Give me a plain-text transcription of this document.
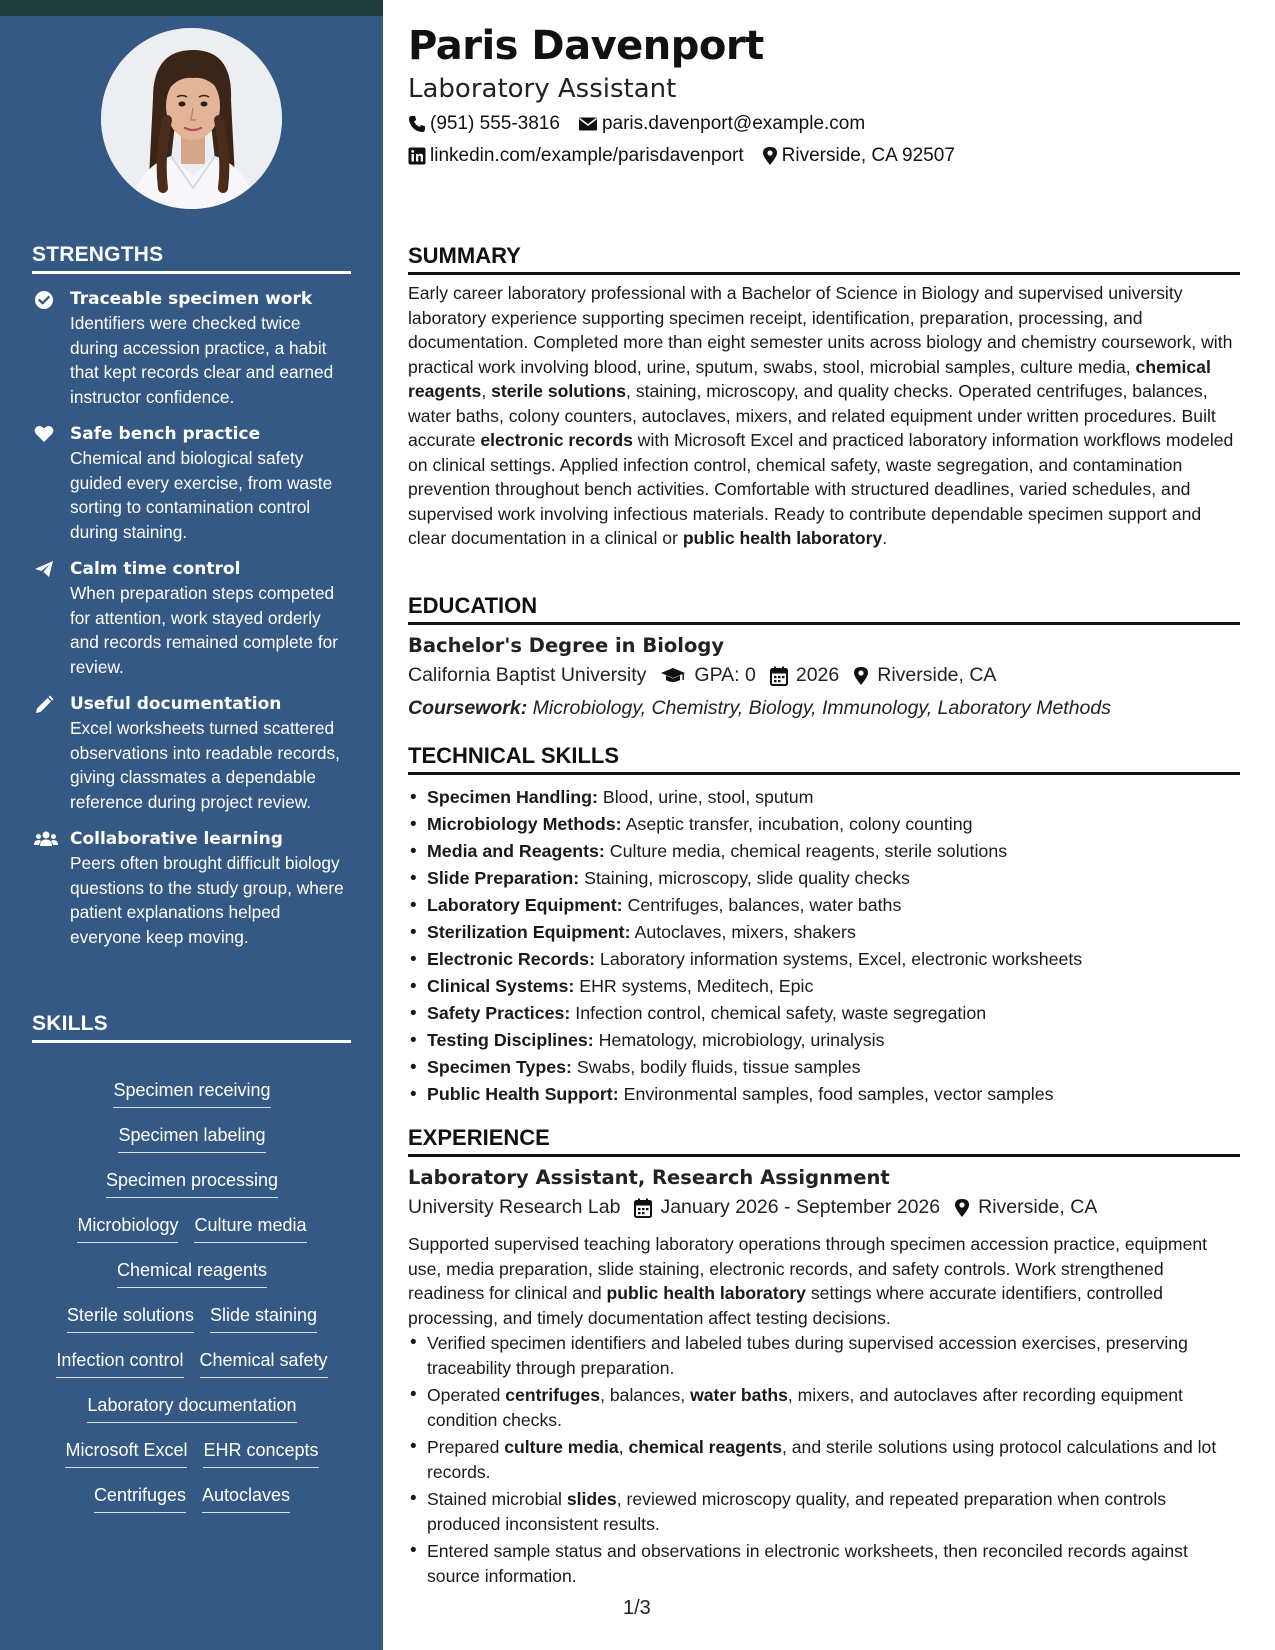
STRENGTHS
Traceable specimen work
Identifiers were checked twice during accession practice, a habit that kept records clear and earned instructor confidence.
Safe bench practice
Chemical and biological safety guided every exercise, from waste sorting to contamination control during staining.
Calm time control
When preparation steps competed for attention, work stayed orderly and records remained complete for review.
Useful documentation
Excel worksheets turned scattered observations into readable records, giving classmates a dependable reference during project review.
Collaborative learning
Peers often brought difficult biology questions to the study group, where patient explanations helped everyone keep moving.
SKILLS
Specimen receiving
Specimen labeling
Specimen processing
Microbiology Culture media
Chemical reagents
Sterile solutions Slide staining
Infection control Chemical safety
Laboratory documentation
Microsoft Excel EHR concepts
Centrifuges Autoclaves
Paris Davenport
Laboratory Assistant
(951) 555-3816 paris.davenport@example.com
linkedin.com/example/parisdavenport Riverside, CA 92507
SUMMARY

Early career laboratory professional with a Bachelor of Science in Biology and supervised university laboratory experience supporting specimen receipt, identification, preparation, processing, and documentation. Completed more than eight semester units across biology and chemistry coursework, with practical work involving blood, urine, sputum, swabs, stool, microbial samples, culture media, chemical reagents, sterile solutions, staining, microscopy, and quality checks. Operated centrifuges, balances, water baths, colony counters, autoclaves, mixers, and related equipment under written procedures. Built accurate electronic records with Microsoft Excel and practiced laboratory information workflows modeled on clinical settings. Applied infection control, chemical safety, waste segregation, and contamination prevention throughout bench activities. Comfortable with structured deadlines, varied schedules, and supervised work involving infectious materials. Ready to contribute dependable specimen support and clear documentation in a clinical or public health laboratory.

EDUCATION
Bachelor's Degree in Biology
California Baptist University GPA: 0 2026 Riverside, CA
Coursework: Microbiology, Chemistry, Biology, Immunology, Laboratory Methods
TECHNICAL SKILLS
• Specimen Handling: Blood, urine, stool, sputum
• Microbiology Methods: Aseptic transfer, incubation, colony counting
• Media and Reagents: Culture media, chemical reagents, sterile solutions
• Slide Preparation: Staining, microscopy, slide quality checks
• Laboratory Equipment: Centrifuges, balances, water baths
• Sterilization Equipment: Autoclaves, mixers, shakers
• Electronic Records: Laboratory information systems, Excel, electronic worksheets
• Clinical Systems: EHR systems, Meditech, Epic
• Safety Practices: Infection control, chemical safety, waste segregation
• Testing Disciplines: Hematology, microbiology, urinalysis
• Specimen Types: Swabs, bodily fluids, tissue samples
• Public Health Support: Environmental samples, food samples, vector samples
EXPERIENCE
Laboratory Assistant, Research Assignment
University Research Lab January 2026 - September 2026 Riverside, CA

Supported supervised teaching laboratory operations through specimen accession practice, equipment use, media preparation, slide staining, electronic records, and safety controls. Work strengthened readiness for clinical and public health laboratory settings where accurate identifiers, controlled processing, and timely documentation affect testing decisions.

• Verified specimen identifiers and labeled tubes during supervised accession exercises, preserving traceability through preparation.
• Operated centrifuges, balances, water baths, mixers, and autoclaves after recording equipment condition checks.
• Prepared culture media, chemical reagents, and sterile solutions using protocol calculations and lot records.
• Stained microbial slides, reviewed microscopy quality, and repeated preparation when controls produced inconsistent results.
• Entered sample status and observations in electronic worksheets, then reconciled records against source information.
1/3
